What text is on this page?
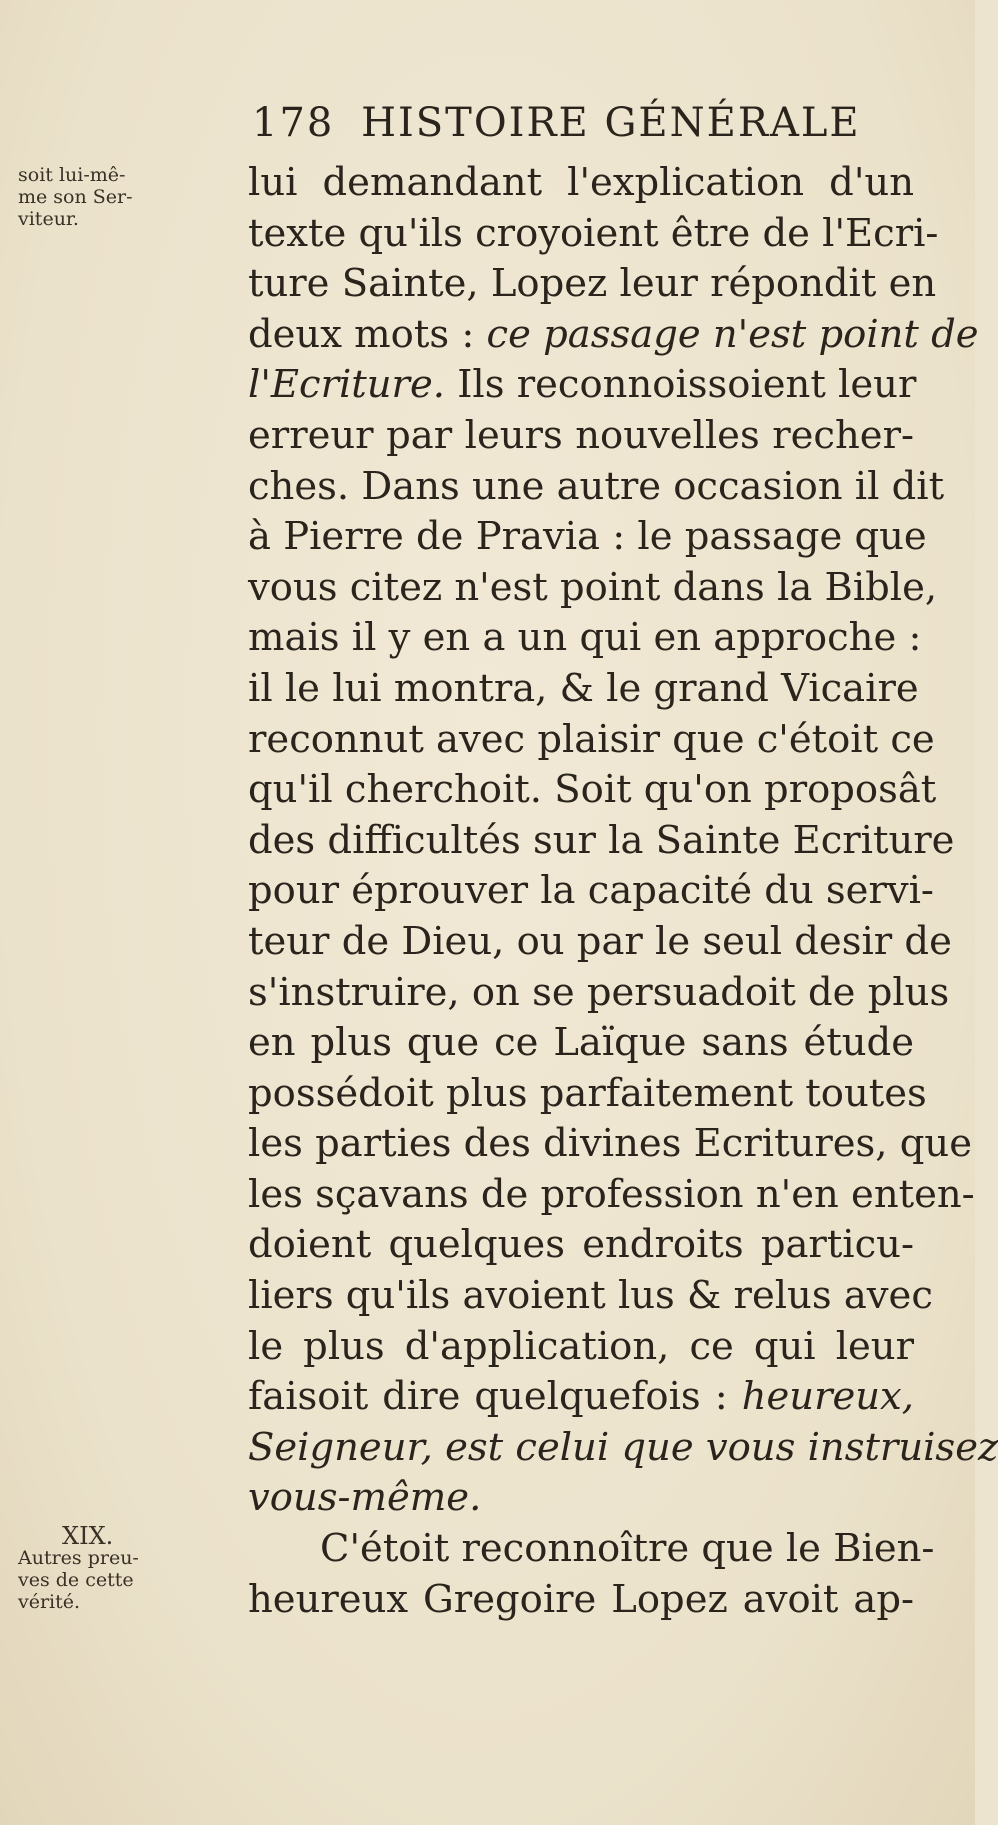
178 HISTOIRE GÉNÉRALE
soit lui-mê-
me son Ser-
viteur.
XIX.
Autres preu-
ves de cette
vérité.
lui demandant l'explication d'un
texte qu'ils croyoient être de l'Ecri-
ture Sainte, Lopez leur répondit en
deux mots : ce passage n'est point de
l'Ecriture. Ils reconnoissoient leur
erreur par leurs nouvelles recher-
ches. Dans une autre occasion il dit
à Pierre de Pravia : le passage que
vous citez n'est point dans la Bible,
mais il y en a un qui en approche :
il le lui montra, & le grand Vicaire
reconnut avec plaisir que c'étoit ce
qu'il cherchoit. Soit qu'on proposât
des difficultés sur la Sainte Ecriture
pour éprouver la capacité du servi-
teur de Dieu, ou par le seul desir de
s'instruire, on se persuadoit de plus
en plus que ce Laïque sans étude
possédoit plus parfaitement toutes
les parties des divines Ecritures, que
les sçavans de profession n'en enten-
doient quelques endroits particu-
liers qu'ils avoient lus & relus avec
le plus d'application, ce qui leur
faisoit dire quelquefois : heureux,
Seigneur, est celui que vous instruisez
vous-même.
C'étoit reconnoître que le Bien-
heureux Gregoire Lopez avoit ap-
